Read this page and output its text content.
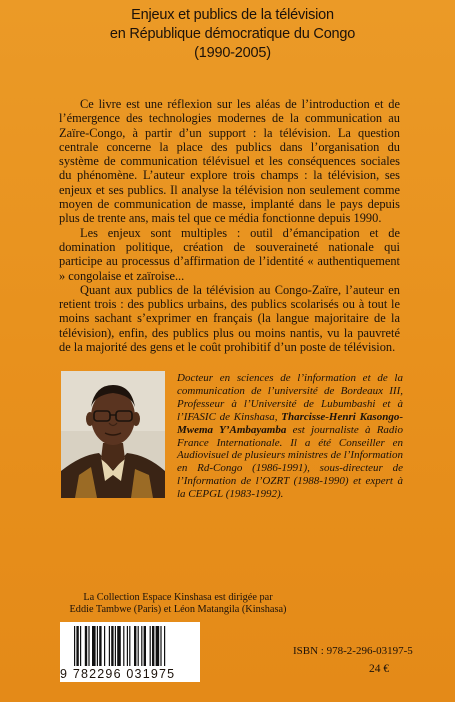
Enjeux et publics de la télévision
en République démocratique du Congo
(1990-2005)

Ce livre est une réflexion sur les aléas de l’introduction et de l’émergence des technologies modernes de la communication au Zaïre-Congo, à partir d’un support : la télévision. La question centrale concerne la place des publics dans l’organisation du système de communication télévisuel et les conséquences sociales du phénomène. L’auteur explore trois champs : la télévision, ses enjeux et ses publics. Il analyse la télévision non seulement comme moyen de communication de masse, implanté dans le pays depuis plus de trente ans, mais tel que ce média fonctionne depuis 1990.

Les enjeux sont multiples : outil d’émancipation et de domination politique, création de souveraineté nationale qui participe au processus d’affirmation de l’identité « authentiquement » congolaise et zaïroise...

Quant aux publics de la télévision au Congo-Zaïre, l’auteur en retient trois : des publics urbains, des publics scolarisés ou à tout le moins sachant s’exprimer en français (la langue majoritaire de la télévision), enfin, des publics plus ou moins nantis, vu la pauvreté de la majorité des gens et le coût prohibitif d’un poste de télévision.

Docteur en sciences de l’information et de la communication de l’université de Bordeaux III, Professeur à l’Université de Lubumbashi et à l’IFASIC de Kinshasa, Tharcisse-Henri Kasongo-Mwema Y’Ambayamba est journaliste à Radio France Internationale. Il a été Conseiller en Audiovisuel de plusieurs ministres de l’Information en Rd-Congo (1986-1991), sous-directeur de l’Information de l’OZRT (1988-1990) et expert à la CEPGL (1983-1992).
La Collection Espace Kinshasa est dirigée par
Eddie Tambwe (Paris) et Léon Matangila (Kinshasa)
9 782296 031975
ISBN : 978-2-296-03197-5
24 €
